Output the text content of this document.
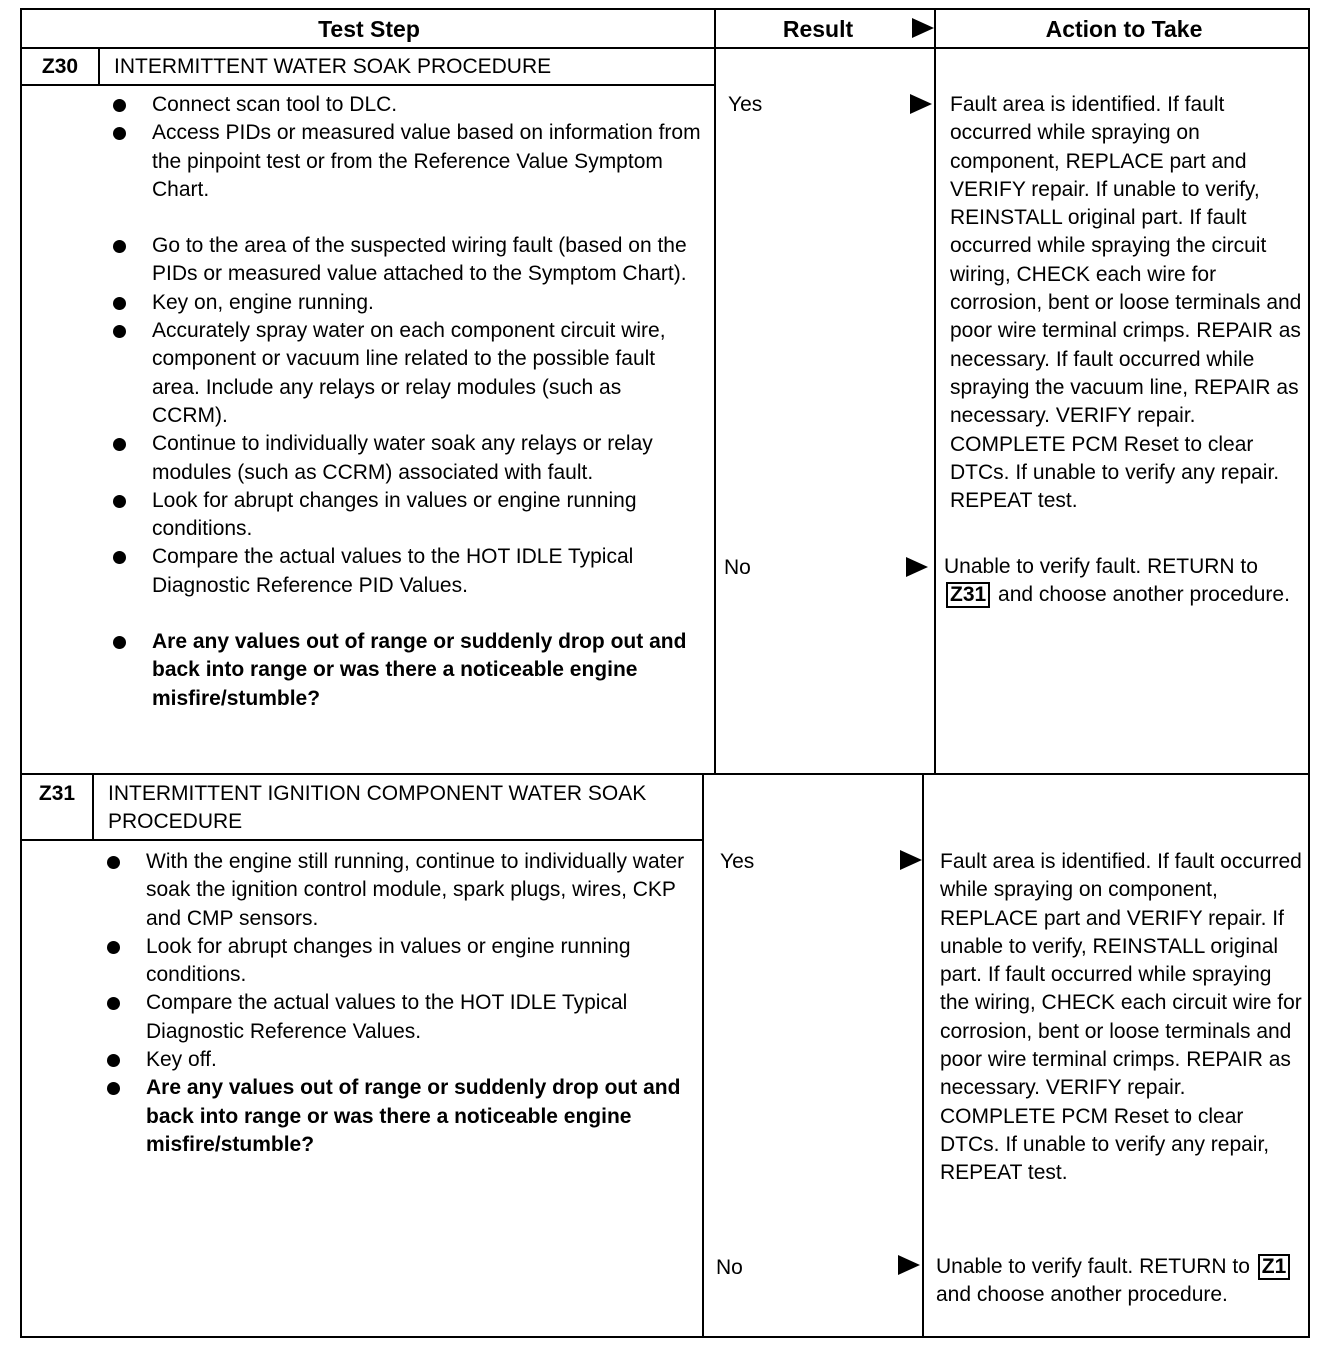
Test Step	Result	Action to Take
Z30	INTERMITTENT WATER SOAK PROCEDURE
Connect scan tool to DLC.
Access PIDs or measured value based on information from the pinpoint test or from the Reference Value Symptom Chart.
Go to the area of the suspected wiring fault (based on the PIDs or measured value attached to the Symptom Chart).
Key on, engine running.
Accurately spray water on each component circuit wire, component or vacuum line related to the possible fault area. Include any relays or relay modules (such as CCRM).
Continue to individually water soak any relays or relay modules (such as CCRM) associated with fault.
Look for abrupt changes in values or engine running conditions.
Compare the actual values to the HOT IDLE Typical Diagnostic Reference PID Values.
Are any values out of range or suddenly drop out and back into range or was there a noticeable engine misfire/stumble?
Yes	Fault area is identified. If fault occurred while spraying on component, REPLACE part and VERIFY repair. If unable to verify, REINSTALL original part. If fault occurred while spraying the circuit wiring, CHECK each wire for corrosion, bent or loose terminals and poor wire terminal crimps. REPAIR as necessary. If fault occurred while spraying the vacuum line, REPAIR as necessary. VERIFY repair. COMPLETE PCM Reset to clear DTCs. If unable to verify any repair. REPEAT test.
No	Unable to verify fault. RETURN to Z31 and choose another procedure.
Z31	INTERMITTENT IGNITION COMPONENT WATER SOAK PROCEDURE
With the engine still running, continue to individually water soak the ignition control module, spark plugs, wires, CKP and CMP sensors.
Look for abrupt changes in values or engine running conditions.
Compare the actual values to the HOT IDLE Typical Diagnostic Reference Values.
Key off.
Are any values out of range or suddenly drop out and back into range or was there a noticeable engine misfire/stumble?
Yes	Fault area is identified. If fault occurred while spraying on component, REPLACE part and VERIFY repair. If unable to verify, REINSTALL original part. If fault occurred while spraying the wiring, CHECK each circuit wire for corrosion, bent or loose terminals and poor wire terminal crimps. REPAIR as necessary. VERIFY repair. COMPLETE PCM Reset to clear DTCs. If unable to verify any repair, REPEAT test.
No	Unable to verify fault. RETURN to Z1 and choose another procedure.
